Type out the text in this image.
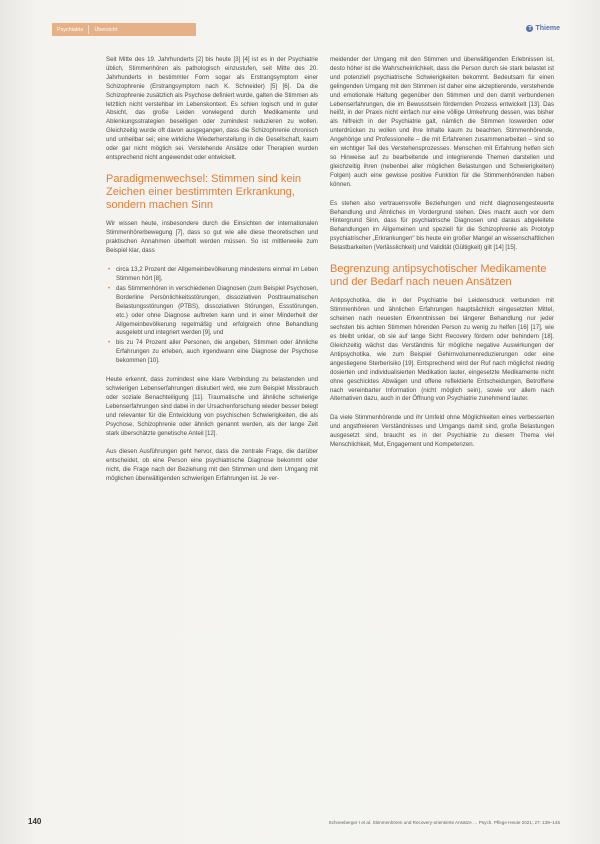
Psychiatrie	Übersicht	T Thieme

Seit Mitte des 19. Jahrhunderts [2] bis heute [3] [4] ist es in der Psychiatrie üblich, Stimmenhören als pathologisch einzustufen, seit Mitte des 20. Jahrhunderts in bestimmter Form sogar als Erstrangsymptom einer Schizophrenie (Erstrangsymptom nach K. Schneider) [5] [6]. Da die Schizophrenie zusätzlich als Psychose definiert wurde, galten die Stimmen als letztlich nicht verstehbar im Lebenskontext. Es schien logisch und in guter Absicht, das große Leiden vorwiegend durch Medikamente und Ablenkungsstrategien beseitigen oder zumindest reduzieren zu wollen. Gleichzeitig wurde oft davon ausgegangen, dass die Schizophrenie chronisch und unheilbar sei; eine wirkliche Wiederherstellung in die Gesellschaft, kaum oder gar nicht möglich sei. Verstehende Ansätze oder Therapien wurden entsprechend nicht angewendet oder entwickelt.

Paradigmenwechsel: Stimmen sind kein Zeichen einer bestimmten Erkrankung, sondern machen Sinn

Wir wissen heute, insbesondere durch die Einsichten der internationalen Stimmenhörerbewegung [7], dass so gut wie alle diese theoretischen und praktischen Annahmen überholt werden müssen. So ist mittlerweile zum Beispiel klar, dass

• circa 13,2 Prozent der Allgemeinbevölkerung mindestens einmal im Leben Stimmen hört [8],
• das Stimmenhören in verschiedenen Diagnosen (zum Beispiel Psychosen, Borderline Persönlichkeitsstörungen, dissoziativen Posttraumatischen Belastungsstörungen (PTBS), dissoziativen Störungen, Essstörungen, etc.) oder ohne Diagnose auftreten kann und in einer Minderheit der Allgemeinbevölkerung regelmäßig und erfolgreich ohne Behandlung ausgelebt und integriert werden [9], und
• bis zu 74 Prozent aller Personen, die angeben, Stimmen oder ähnliche Erfahrungen zu erleben, auch irgendwann eine Diagnose der Psychose bekommen [10].

Heute erkennt, dass zumindest eine klare Verbindung zu belastenden und schwierigen Lebenserfahrungen diskutiert wird, wie zum Beispiel Missbrauch oder soziale Benachteiligung [11]. Traumatische und ähnliche schwierige Lebenserfahrungen sind dabei in der Ursachenforschung wieder besser belegt und relevanter für die Entwicklung von psychischen Schwierigkeiten, die als Psychose, Schizophrenie oder ähnlich genannt werden, als der lange Zeit stark überschätzte genetische Anteil [12].

Aus diesen Ausführungen geht hervor, dass die zentrale Frage, die darüber entscheidet, ob eine Person eine psychiatrische Diagnose bekommt oder nicht, die Frage nach der Beziehung mit den Stimmen und dem Umgang mit möglichen überwältigenden schwierigen Erfahrungen ist. Je ver-

meidender der Umgang mit den Stimmen und überwältigenden Erlebnissen ist, desto höher ist die Wahrscheinlichkeit, dass die Person durch sie stark belastet ist und potenziell psychiatrische Schwierigkeiten bekommt. Bedeutsam für einen gelingenden Umgang mit den Stimmen ist daher eine akzeptierende, verstehende und emotionale Haltung gegenüber den Stimmen und den damit verbundenen Lebenserfahrungen, die im Bewusstsein fördernden Prozess entwickelt [13]. Das heißt, in der Praxis nicht einfach nur eine völlige Umkehrung dessen, was bisher als hilfreich in der Psychiatrie galt, nämlich die Stimmen loswerden oder unterdrücken zu wollen und ihre Inhalte kaum zu beachten. Stimmenhörende, Angehörige und Professionelle – die mit Erfahrenen zusammenarbeiten – sind so ein wichtiger Teil des Verstehensprozesses. Menschen mit Erfahrung helfen sich so Hinweise auf zu bearbeitende und integrierende Themen darstellen und gleichzeitig ihren (nebenbei aller möglichen Belastungen und Schwierigkeiten) Folgen) auch eine gewisse positive Funktion für die Stimmenhörenden haben können.

Es stehen also vertrauensvolle Beziehungen und nicht diagnosengesteuerte Behandlung und Ähnliches im Vordergrund stehen. Dies macht auch vor dem Hintergrund Sinn, dass für psychiatrische Diagnosen und daraus abgeleitete Behandlungen im Allgemeinen und speziell für die Schizophrenie als Prototyp psychiatrischer „Erkrankungen" bis heute ein großer Mangel an wissenschaftlichen Belastbarkeiten (Verlässlichkeit) und Validität (Gültigkeit) gilt [14] [15].

Begrenzung antipsychotischer Medikamente und der Bedarf nach neuen Ansätzen

Antipsychotika, die in der Psychiatrie bei Leidensdruck verbunden mit Stimmenhören und ähnlichen Erfahrungen hauptsächlich eingesetzten Mittel, scheinen nach neuesten Erkenntnissen bei längerer Behandlung nur jeder sechsten bis achten Stimmen hörenden Person zu wenig zu helfen [16] [17], wie es bleibt unklar, ob sie auf lange Sicht Recovery fördern oder behindern [18]. Gleichzeitig wächst das Verständnis für mögliche negative Auswirkungen der Antipsychotika, wie zum Beispiel Gehirnvolumenreduzierungen oder eine angestiegene Sterberisiko [19]. Entsprechend wird der Ruf nach möglichst niedrig dosierten und individualisierten Medikation lauter, eingesetzte Medikamente nicht ohne geschicktes Abwägen und offene reflektierte Entscheidungen, Betroffene nach vereinbarter Information (nicht möglich sein), sowie vor allem nach Alternativen dazu, auch in der Öffnung von Psychiatrie zunehmend lauter.

Da viele Stimmenhörende und ihr Umfeld ohne Möglichkeiten eines verbesserten und angstfreieren Verständnisses und Umgangs damit sind, große Belastungen ausgesetzt sind, braucht es in der Psychiatrie zu diesem Thema viel Menschlichkeit, Mut, Engagement und Kompetenzen.

140	Schneeberger I et al. Stimmenhören und Recovery-orientierte Ansätze … Psych. Pflege Heute 2021; 27: 139–145
